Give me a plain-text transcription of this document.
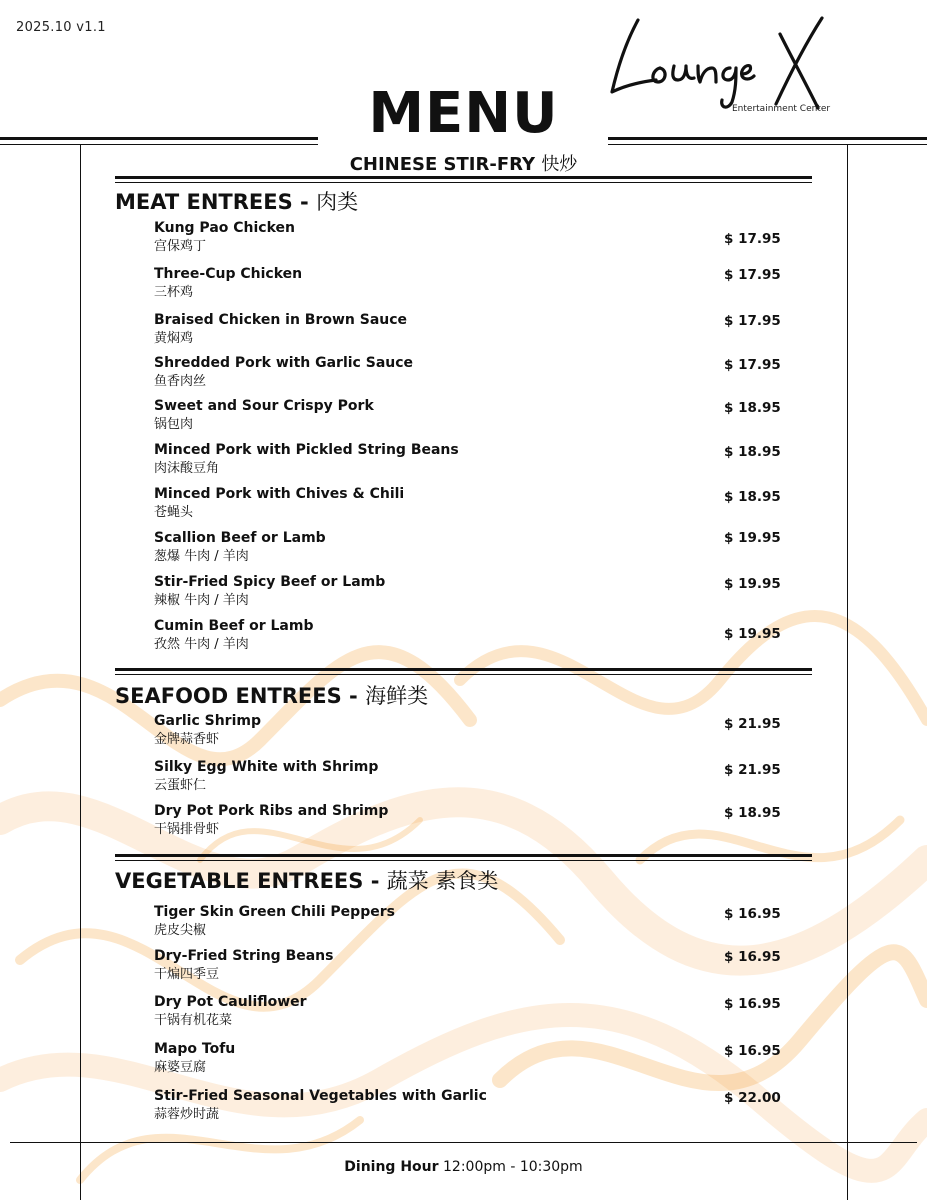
2025.10 v1.1
Entertainment Center
MENU
CHINESE STIR-FRY 快炒
MEAT ENTREES - 肉类
Kung Pao Chicken
宫保鸡丁	$ 17.95
Three-Cup Chicken
三杯鸡
$ 17.95
Braised Chicken in Brown Sauce
黄焖鸡
$ 17.95
Shredded Pork with Garlic Sauce
鱼香肉丝
$ 17.95
Sweet and Sour Crispy Pork
锅包肉
$ 18.95
Minced Pork with Pickled String Beans
肉沫酸豆角
$ 18.95
Minced Pork with Chives & Chili
苍蝇头
$ 18.95
Scallion Beef or Lamb
葱爆 牛肉 / 羊肉
$ 19.95
Stir-Fried Spicy Beef or Lamb
辣椒 牛肉 / 羊肉
$ 19.95
Cumin Beef or Lamb
孜然 牛肉 / 羊肉
$ 19.95
SEAFOOD ENTREES - 海鲜类
Garlic Shrimp
金牌蒜香虾
$ 21.95
Silky Egg White with Shrimp
云蛋虾仁
$ 21.95
Dry Pot Pork Ribs and Shrimp
干锅排骨虾
$ 18.95
VEGETABLE ENTREES - 蔬菜 素食类
Tiger Skin Green Chili Peppers
虎皮尖椒
$ 16.95
Dry-Fried String Beans
干煸四季豆
$ 16.95
Dry Pot Cauliflower
干锅有机花菜
$ 16.95
Mapo Tofu
麻婆豆腐
$ 16.95
Stir-Fried Seasonal Vegetables with Garlic
蒜蓉炒时蔬
$ 22.00
Dining Hour 12:00pm - 10:30pm
